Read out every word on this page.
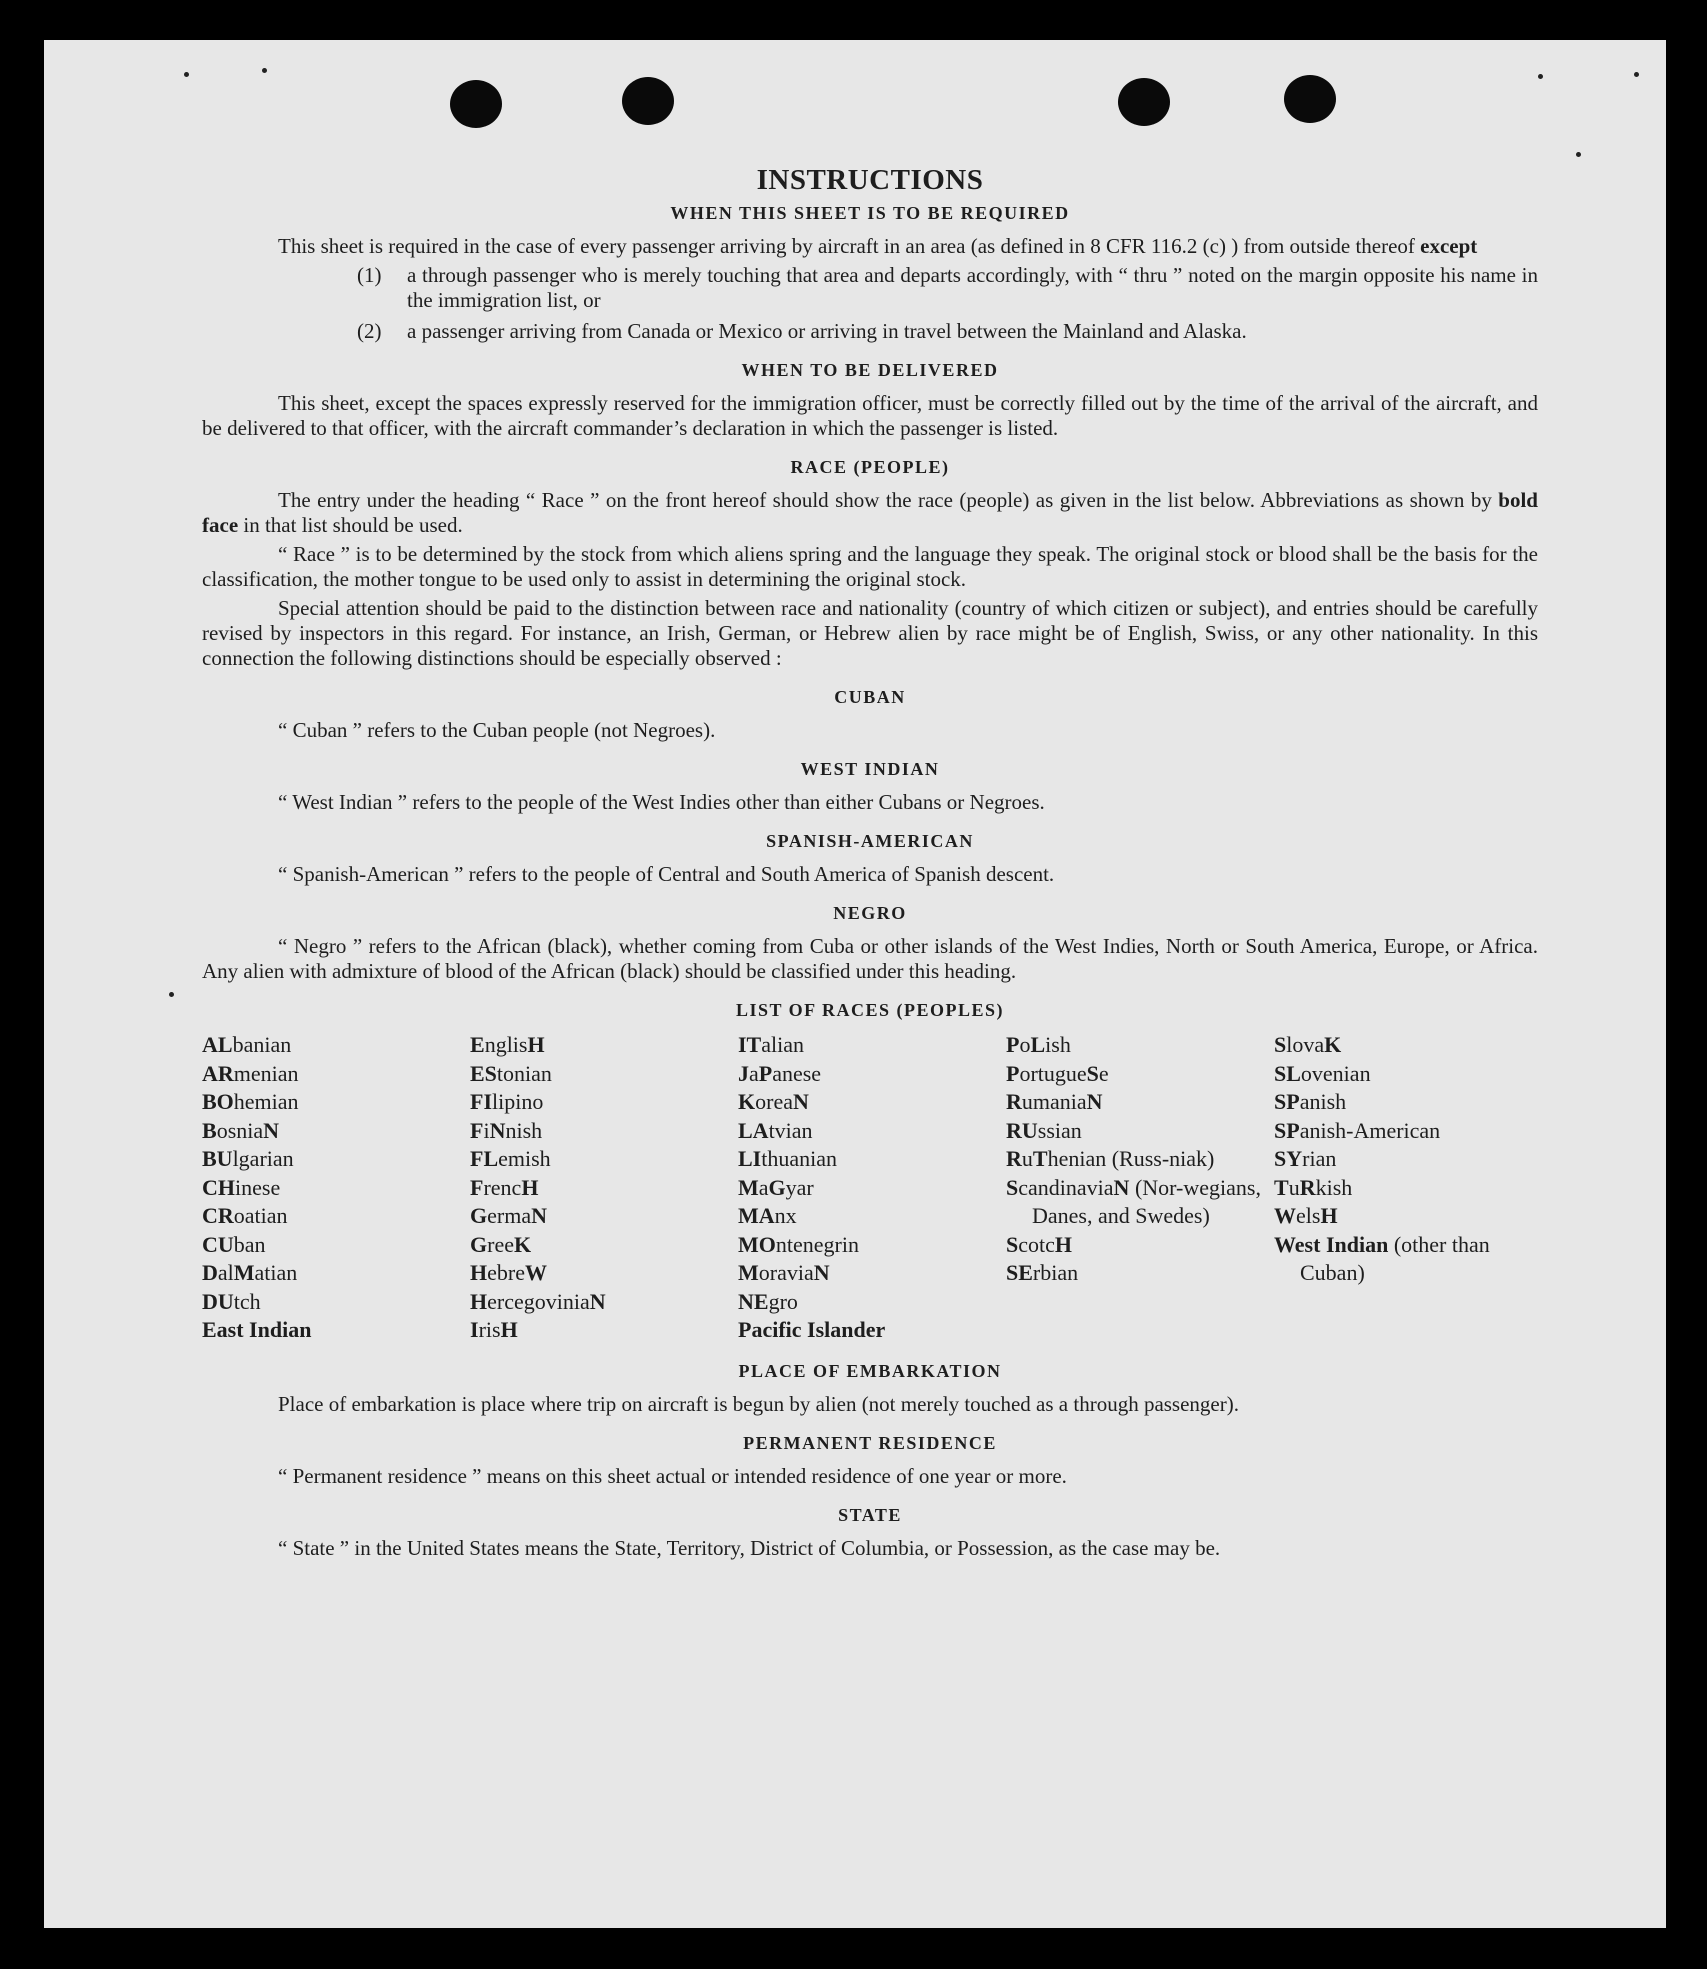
INSTRUCTIONS
WHEN THIS SHEET IS TO BE REQUIRED

This sheet is required in the case of every passenger arriving by aircraft in an area (as defined in 8 CFR 116.2 (c) ) from outside thereof except

(1)	a through passenger who is merely touching that area and departs accordingly, with “ thru ” noted on the margin opposite his name in the immigration list, or
(2)	a passenger arriving from Canada or Mexico or arriving in travel between the Mainland and Alaska.
WHEN TO BE DELIVERED

This sheet, except the spaces expressly reserved for the immigration officer, must be correctly filled out by the time of the arrival of the aircraft, and be delivered to that officer, with the aircraft commander’s declaration in which the passenger is listed.

RACE (PEOPLE)

The entry under the heading “ Race ” on the front hereof should show the race (people) as given in the list below. Abbreviations as shown by bold face in that list should be used.

“ Race ” is to be determined by the stock from which aliens spring and the language they speak. The original stock or blood shall be the basis for the classification, the mother tongue to be used only to assist in determining the original stock.

Special attention should be paid to the distinction between race and nationality (country of which citizen or subject), and entries should be carefully revised by inspectors in this regard. For instance, an Irish, German, or Hebrew alien by race might be of English, Swiss, or any other nationality. In this connection the following distinctions should be especially observed :

CUBAN

“ Cuban ” refers to the Cuban people (not Negroes).

WEST INDIAN

“ West Indian ” refers to the people of the West Indies other than either Cubans or Negroes.

SPANISH-AMERICAN

“ Spanish-American ” refers to the people of Central and South America of Spanish descent.

NEGRO

“ Negro ” refers to the African (black), whether coming from Cuba or other islands of the West Indies, North or South America, Europe, or Africa. Any alien with admixture of blood of the African (black) should be classified under this heading.

LIST OF RACES (PEOPLES)
ALbanian
ARmenian
BOhemian
BosniaN
BUlgarian
CHinese
CRoatian
CUban
DalMatian
DUtch
East Indian
EnglisH
EStonian
FIlipino
FiNnish
FLemish
FrencH
GermaN
GreeK
HebreW
HercegoviniaN
IrisH
ITalian
JaPanese
KoreaN
LAtvian
LIthuanian
MaGyar
MAnx
MOntenegrin
MoraviaN
NEgro
Pacific Islander
PoLish
PortugueSe
RumaniaN
RUssian
RuThenian (Russ-niak)
ScandinaviaN (Nor-wegians, Danes, and Swedes)
ScotcH
SErbian
SlovaK
SLovenian
SPanish
SPanish-American
SYrian
TuRkish
WelsH
West Indian (other than Cuban)
PLACE OF EMBARKATION

Place of embarkation is place where trip on aircraft is begun by alien (not merely touched as a through passenger).

PERMANENT RESIDENCE

“ Permanent residence ” means on this sheet actual or intended residence of one year or more.

STATE

“ State ” in the United States means the State, Territory, District of Columbia, or Possession, as the case may be.
